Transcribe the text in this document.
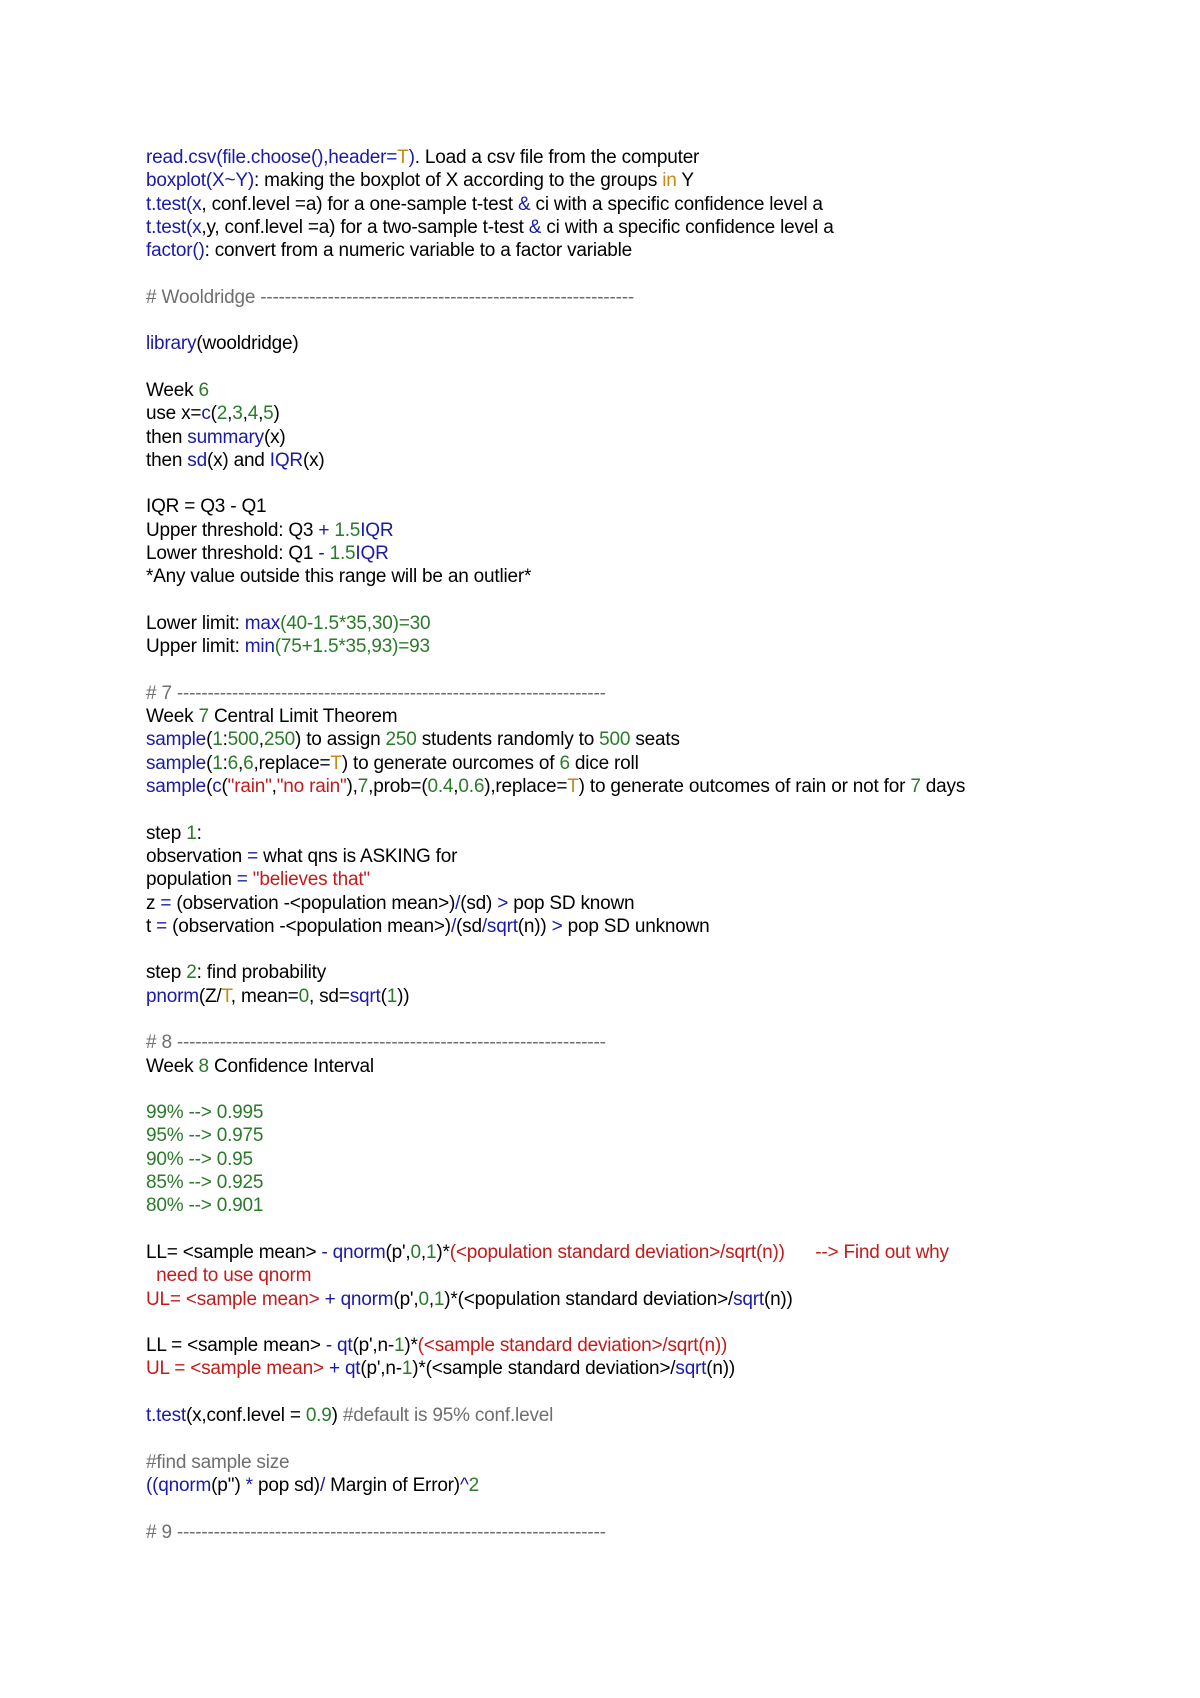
read.csv(file.choose(),header=T). Load a csv file from the computer
boxplot(X~Y): making the boxplot of X according to the groups in Y
t.test(x, conf.level =a) for a one-sample t-test & ci with a specific confidence level a
t.test(x,y, conf.level =a) for a two-sample t-test & ci with a specific confidence level a
factor(): convert from a numeric variable to a factor variable
# Wooldridge -------------------------------------------------------------
library(wooldridge)
Week 6
use x=c(2,3,4,5)
then summary(x)
then sd(x) and IQR(x)
IQR = Q3 - Q1
Upper threshold: Q3 + 1.5IQR
Lower threshold: Q1 - 1.5IQR
*Any value outside this range will be an outlier*
Lower limit: max(40-1.5*35,30)=30
Upper limit: min(75+1.5*35,93)=93
# 7 ----------------------------------------------------------------------
Week 7 Central Limit Theorem
sample(1:500,250) to assign 250 students randomly to 500 seats
sample(1:6,6,replace=T) to generate ourcomes of 6 dice roll
sample(c("rain","no rain"),7,prob=(0.4,0.6),replace=T) to generate outcomes of rain or not for 7 days
step 1:
observation = what qns is ASKING for
population = "believes that"
z = (observation -<population mean>)/(sd) > pop SD known
t = (observation -<population mean>)/(sd/sqrt(n)) > pop SD unknown
step 2: find probability
pnorm(Z/T, mean=0, sd=sqrt(1))
# 8 ----------------------------------------------------------------------
Week 8 Confidence Interval
99% --> 0.995
95% --> 0.975
90% --> 0.95
85% --> 0.925
80% --> 0.901
LL= <sample mean> - qnorm(p',0,1)*(<population standard deviation>/sqrt(n))      --> Find out why
need to use qnorm
UL= <sample mean> + qnorm(p',0,1)*(<population standard deviation>/sqrt(n))
LL = <sample mean> - qt(p',n-1)*(<sample standard deviation>/sqrt(n))
UL = <sample mean> + qt(p',n-1)*(<sample standard deviation>/sqrt(n))
t.test(x,conf.level = 0.9) #default is 95% conf.level
#find sample size
((qnorm(p'') * pop sd)/ Margin of Error)^2
# 9 ----------------------------------------------------------------------
